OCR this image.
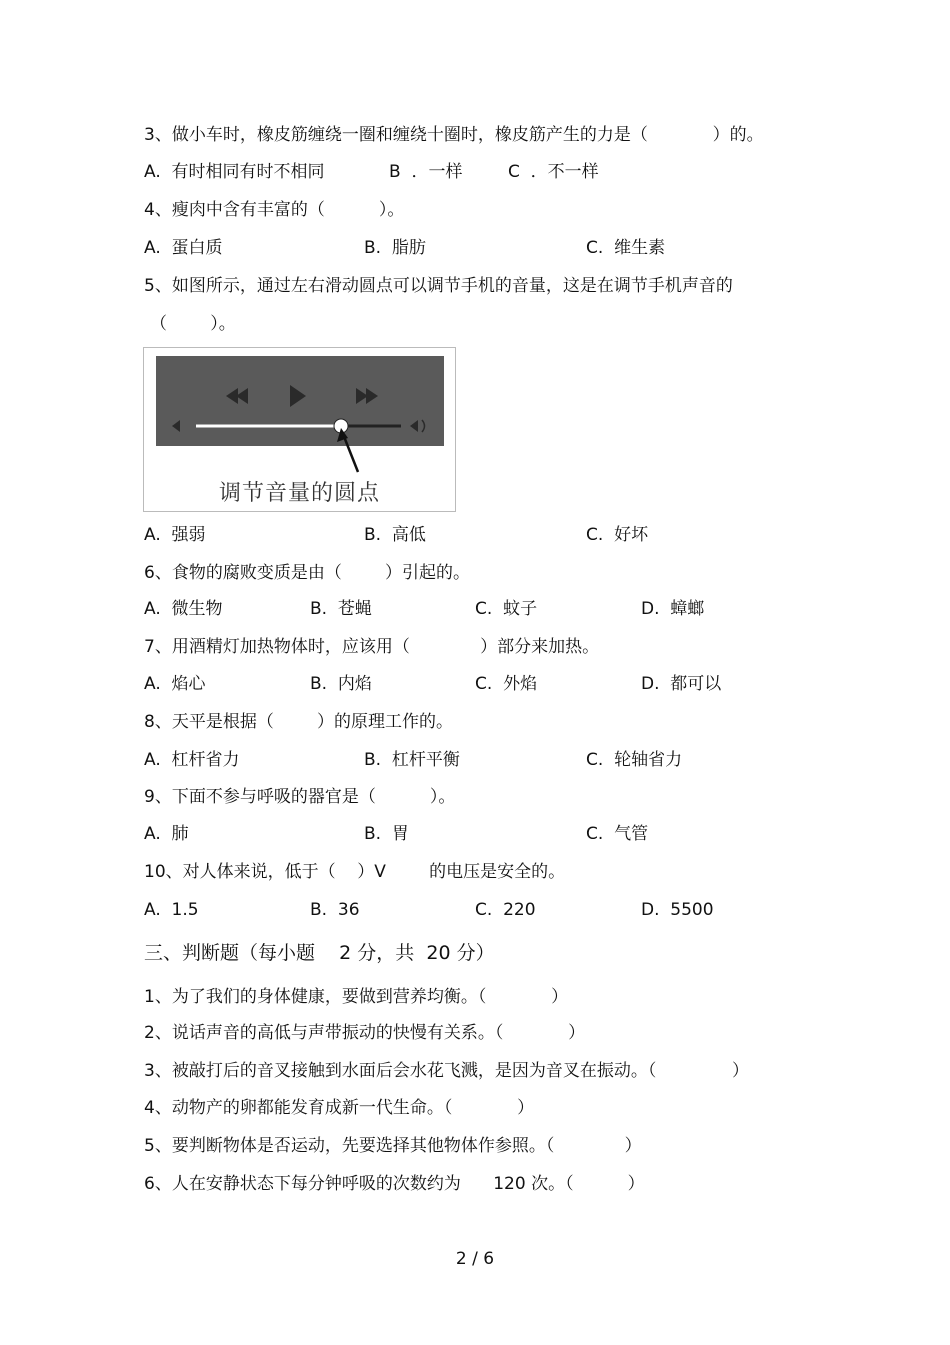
3、做小车时，橡皮筋缠绕一圈和缠绕十圈时，橡皮筋产生的力是（            ）的。
A.  有时相同有时不相同	B  ．一样	C  ．不一样
4、瘦肉中含有丰富的（          ）。
A.  蛋白质	B.  脂肪	C.  维生素
5、如图所示，通过左右滑动圆点可以调节手机的音量，这是在调节手机声音的
（        ）。
调节音量的圆点
A.  强弱	B.  高低	C.  好坏
6、食物的腐败变质是由（        ）引起的。
A.  微生物	B.  苍蝇	C.  蚊子	D.  蟑螂
7、用酒精灯加热物体时，应该用（             ）部分来加热。
A.  焰心	B.  内焰	C.  外焰	D.  都可以
8、天平是根据（        ）的原理工作的。
A.  杠杆省力	B.  杠杆平衡	C.  轮轴省力
9、下面不参与呼吸的器官是（          ）。
A.  肺	B.  胃	C.  气管
10、对人体来说，低于（    ）V        的电压是安全的。
A.  1.5	B.  36	C.  220	D.  5500
三、判断题（每小题    2 分，共  20 分）
1、为了我们的身体健康，要做到营养均衡。（            ）
2、说话声音的高低与声带振动的快慢有关系。（            ）
3、被敲打后的音叉接触到水面后会水花飞溅，是因为音叉在振动。（              ）
4、动物产的卵都能发育成新一代生命。（            ）
5、要判断物体是否运动，先要选择其他物体作参照。（             ）
6、人在安静状态下每分钟呼吸的次数约为      120 次。（          ）
2 / 6
